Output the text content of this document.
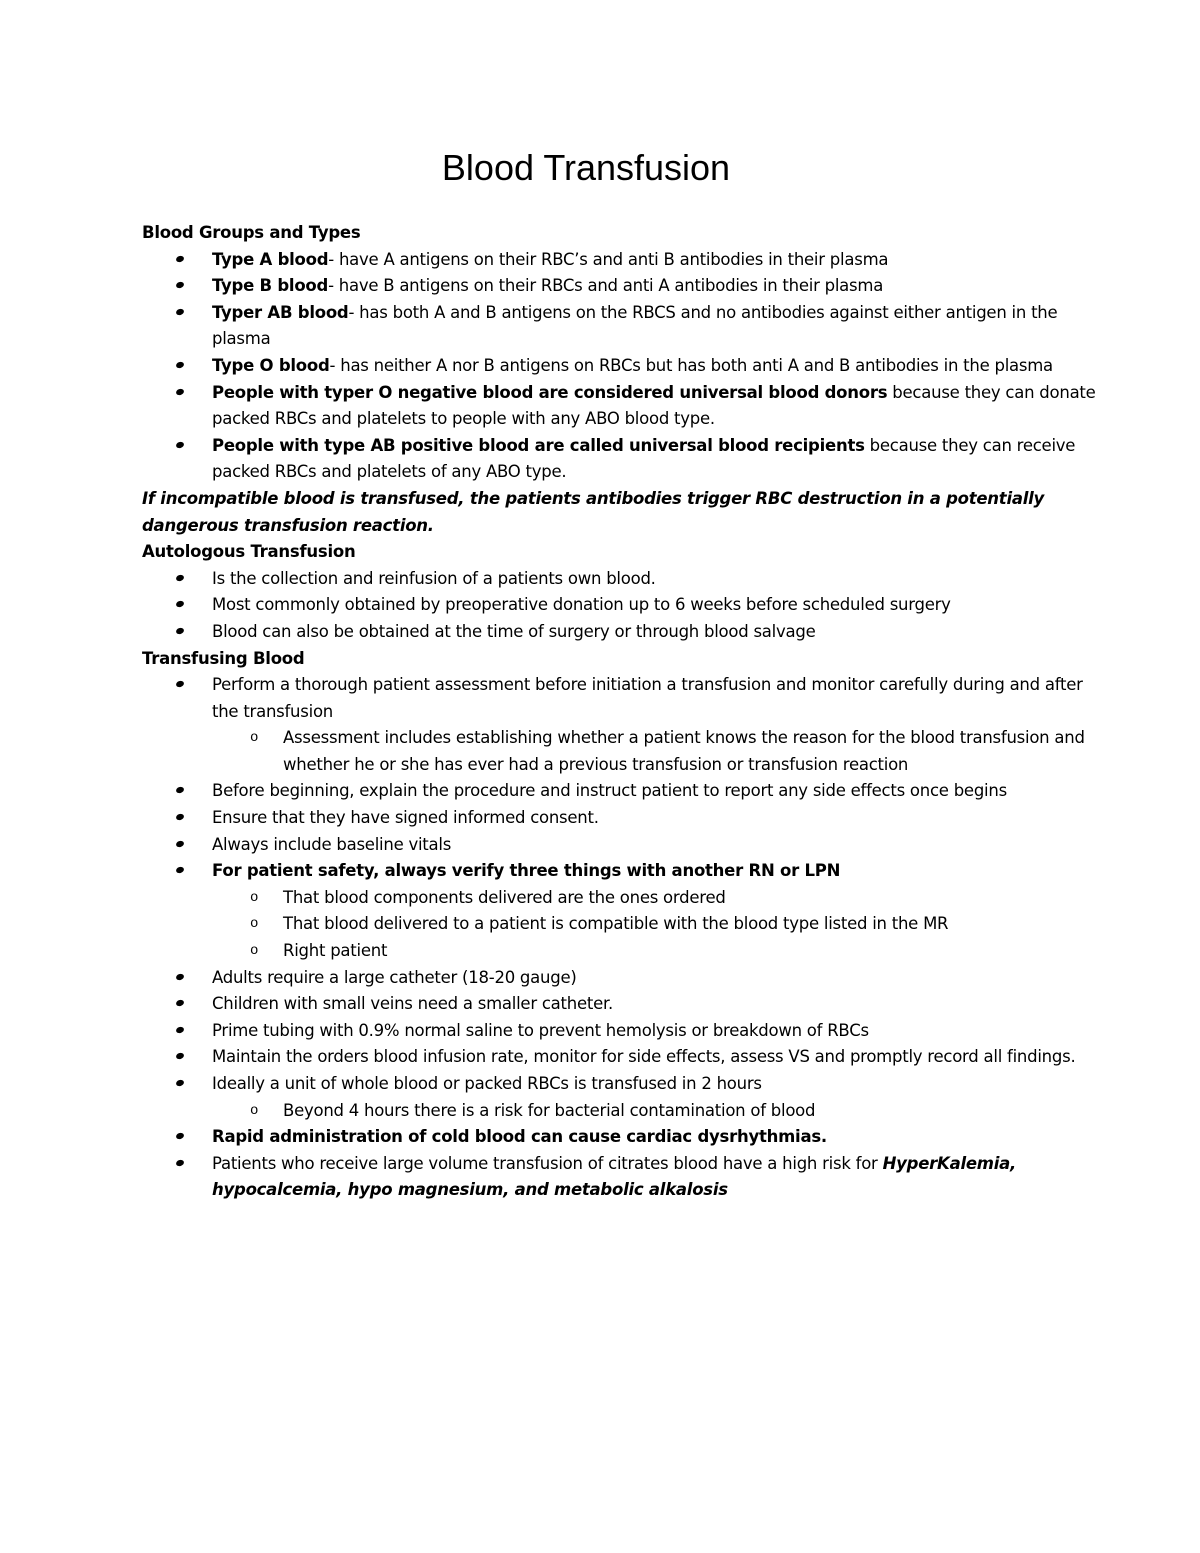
Blood Transfusion

Blood Groups and Types

Type A blood- have A antigens on their RBC’s and anti B antibodies in their plasma
Type B blood- have B antigens on their RBCs and anti A antibodies in their plasma
Typer AB blood- has both A and B antigens on the RBCS and no antibodies against either antigen in the plasma
Type O blood- has neither A nor B antigens on RBCs but has both anti A and B antibodies in the plasma
People with typer O negative blood are considered universal blood donors because they can donate packed RBCs and platelets to people with any ABO blood type.
People with type AB positive blood are called universal blood recipients because they can receive packed RBCs and platelets of any ABO type.

If incompatible blood is transfused, the patients antibodies trigger RBC destruction in a potentially dangerous transfusion reaction.

Autologous Transfusion

Is the collection and reinfusion of a patients own blood.
Most commonly obtained by preoperative donation up to 6 weeks before scheduled surgery
Blood can also be obtained at the time of surgery or through blood salvage

Transfusing Blood

Perform a thorough patient assessment before initiation a transfusion and monitor carefully during and after the transfusion
o Assessment includes establishing whether a patient knows the reason for the blood transfusion and whether he or she has ever had a previous transfusion or transfusion reaction
Before beginning, explain the procedure and instruct patient to report any side effects once begins
Ensure that they have signed informed consent.
Always include baseline vitals
For patient safety, always verify three things with another RN or LPN
o That blood components delivered are the ones ordered
o That blood delivered to a patient is compatible with the blood type listed in the MR
o Right patient
Adults require a large catheter (18-20 gauge)
Children with small veins need a smaller catheter.
Prime tubing with 0.9% normal saline to prevent hemolysis or breakdown of RBCs
Maintain the orders blood infusion rate, monitor for side effects, assess VS and promptly record all findings.
Ideally a unit of whole blood or packed RBCs is transfused in 2 hours
o Beyond 4 hours there is a risk for bacterial contamination of blood
Rapid administration of cold blood can cause cardiac dysrhythmias.
Patients who receive large volume transfusion of citrates blood have a high risk for HyperKalemia, hypocalcemia, hypo magnesium, and metabolic alkalosis
